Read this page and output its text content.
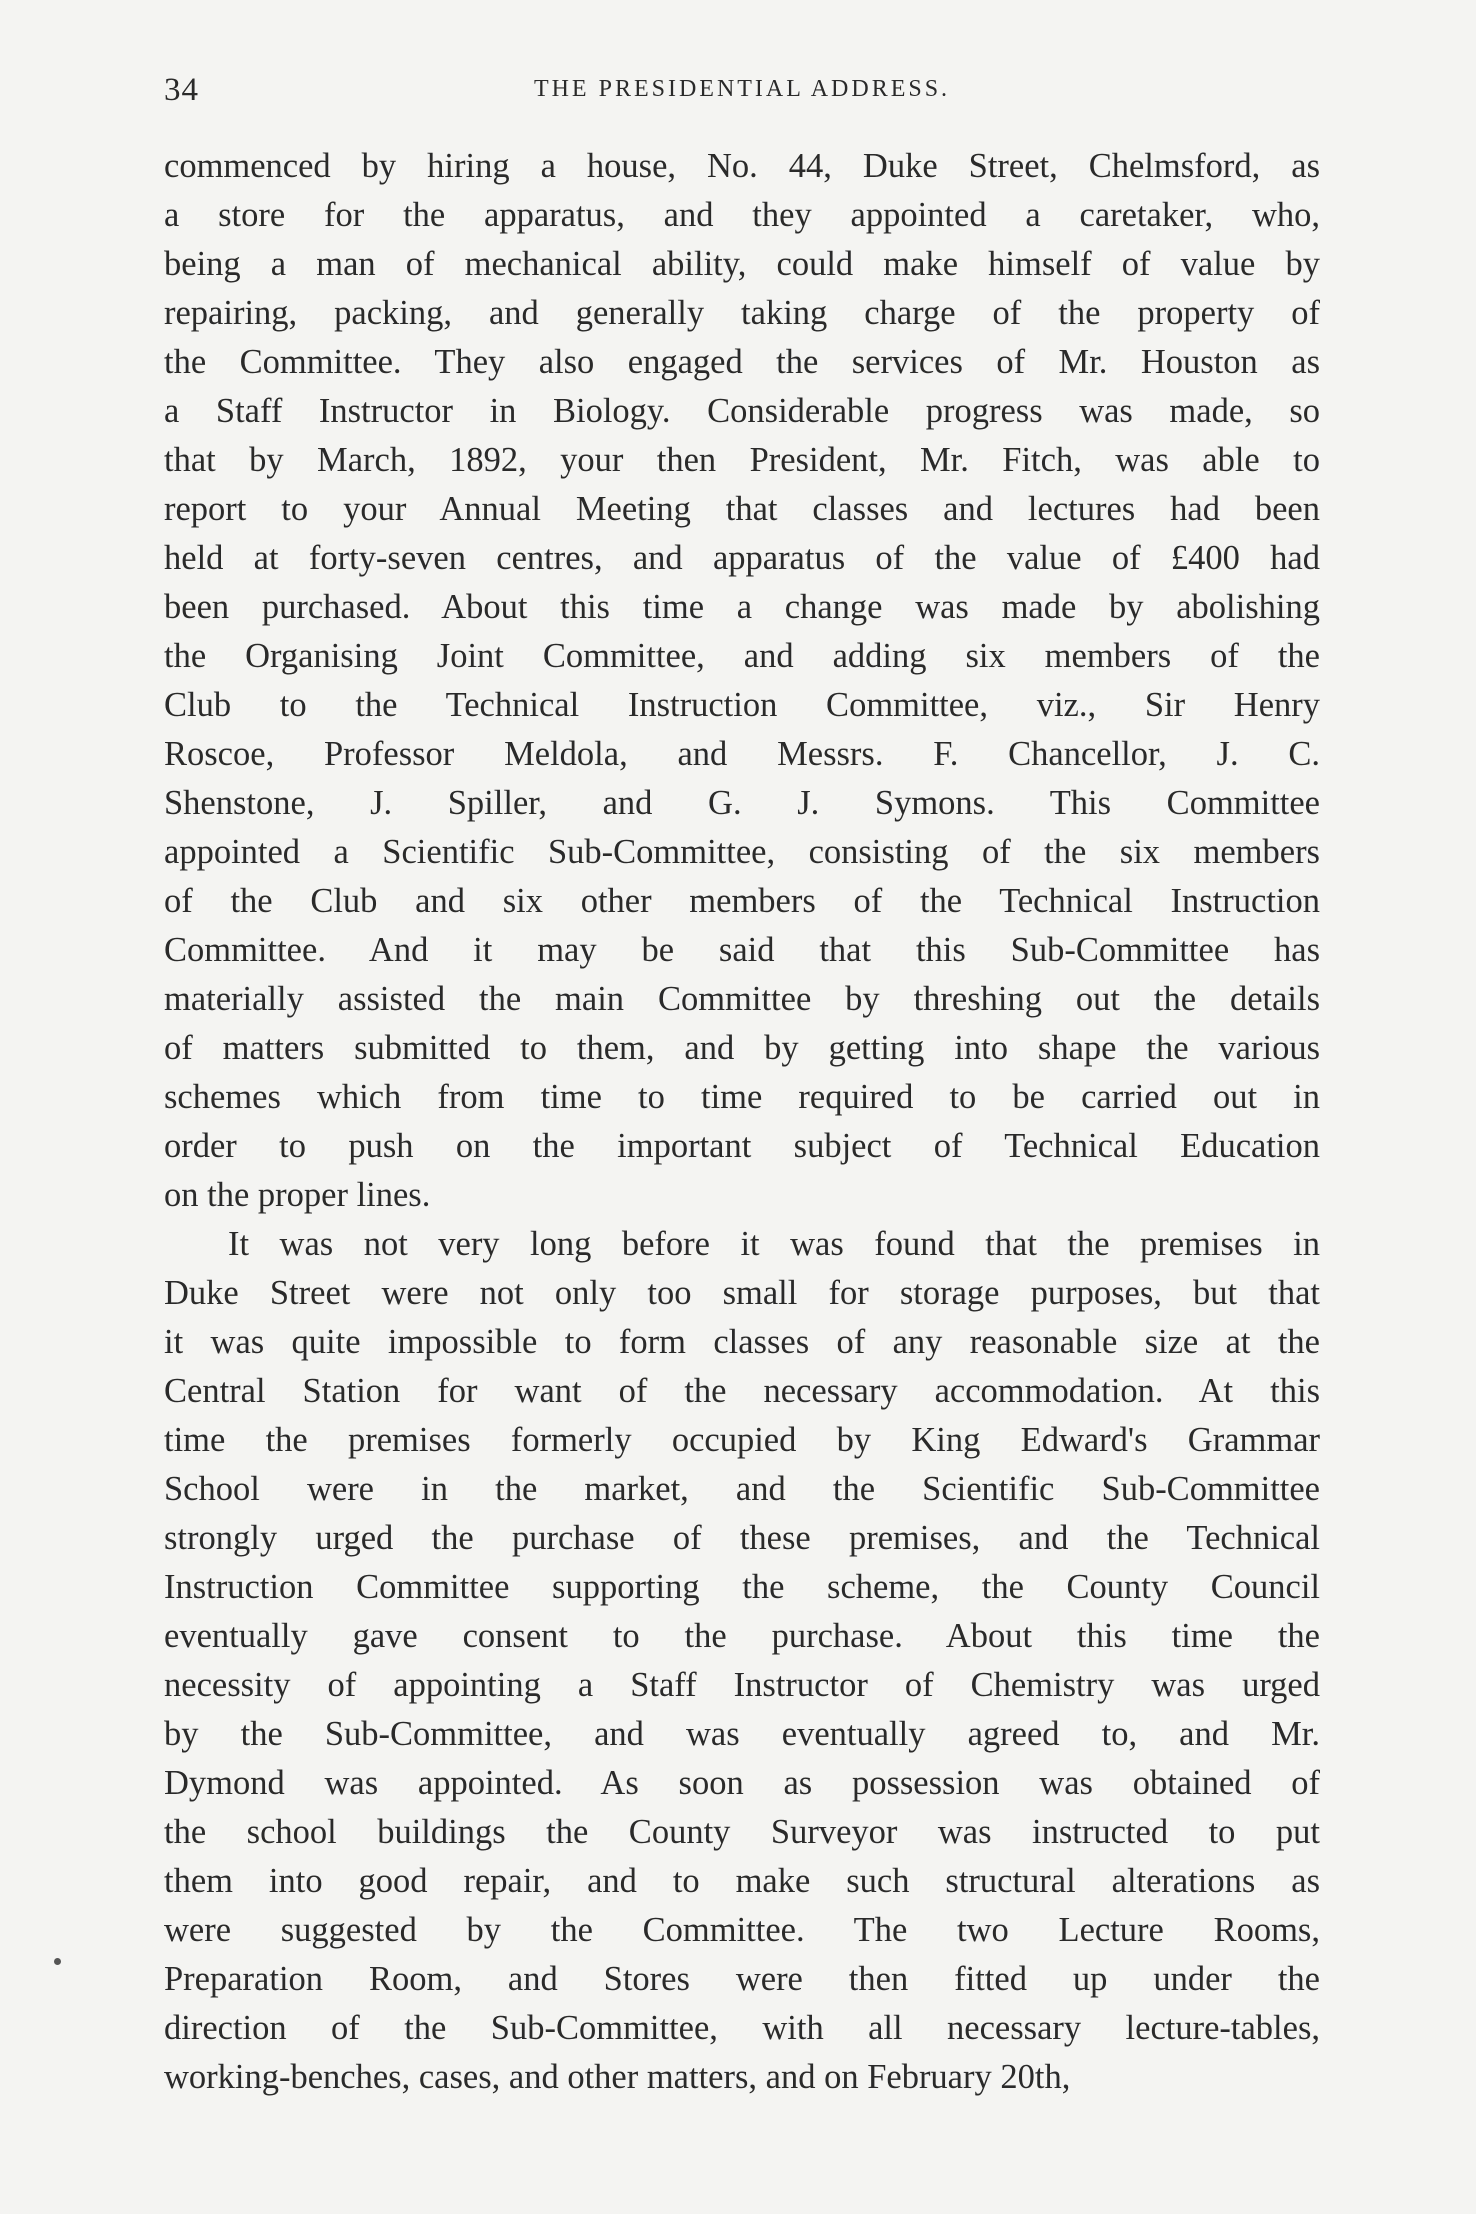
34	THE PRESIDENTIAL ADDRESS.
commenced by hiring a house, No. 44, Duke Street, Chelmsford, as
a store for the apparatus, and they appointed a caretaker, who,
being a man of mechanical ability, could make himself of value by
repairing, packing, and generally taking charge of the property of
the Committee. They also engaged the services of Mr. Houston as
a Staff Instructor in Biology. Considerable progress was made, so
that by March, 1892, your then President, Mr. Fitch, was able to
report to your Annual Meeting that classes and lectures had been
held at forty-seven centres, and apparatus of the value of £400 had
been purchased. About this time a change was made by abolishing
the Organising Joint Committee, and adding six members of the
Club to the Technical Instruction Committee, viz., Sir Henry
Roscoe, Professor Meldola, and Messrs. F. Chancellor, J. C.
Shenstone, J. Spiller, and G. J. Symons. This Committee
appointed a Scientific Sub-Committee, consisting of the six members
of the Club and six other members of the Technical Instruction
Committee. And it may be said that this Sub-Committee has
materially assisted the main Committee by threshing out the details
of matters submitted to them, and by getting into shape the various
schemes which from time to time required to be carried out in
order to push on the important subject of Technical Education
on the proper lines.
It was not very long before it was found that the premises in
Duke Street were not only too small for storage purposes, but that
it was quite impossible to form classes of any reasonable size at the
Central Station for want of the necessary accommodation. At this
time the premises formerly occupied by King Edward's Grammar
School were in the market, and the Scientific Sub-Committee
strongly urged the purchase of these premises, and the Technical
Instruction Committee supporting the scheme, the County Council
eventually gave consent to the purchase. About this time the
necessity of appointing a Staff Instructor of Chemistry was urged
by the Sub-Committee, and was eventually agreed to, and Mr.
Dymond was appointed. As soon as possession was obtained of
the school buildings the County Surveyor was instructed to put
them into good repair, and to make such structural alterations as
were suggested by the Committee. The two Lecture Rooms,
Preparation Room, and Stores were then fitted up under the
direction of the Sub-Committee, with all necessary lecture-tables,
working-benches, cases, and other matters, and on February 20th,
